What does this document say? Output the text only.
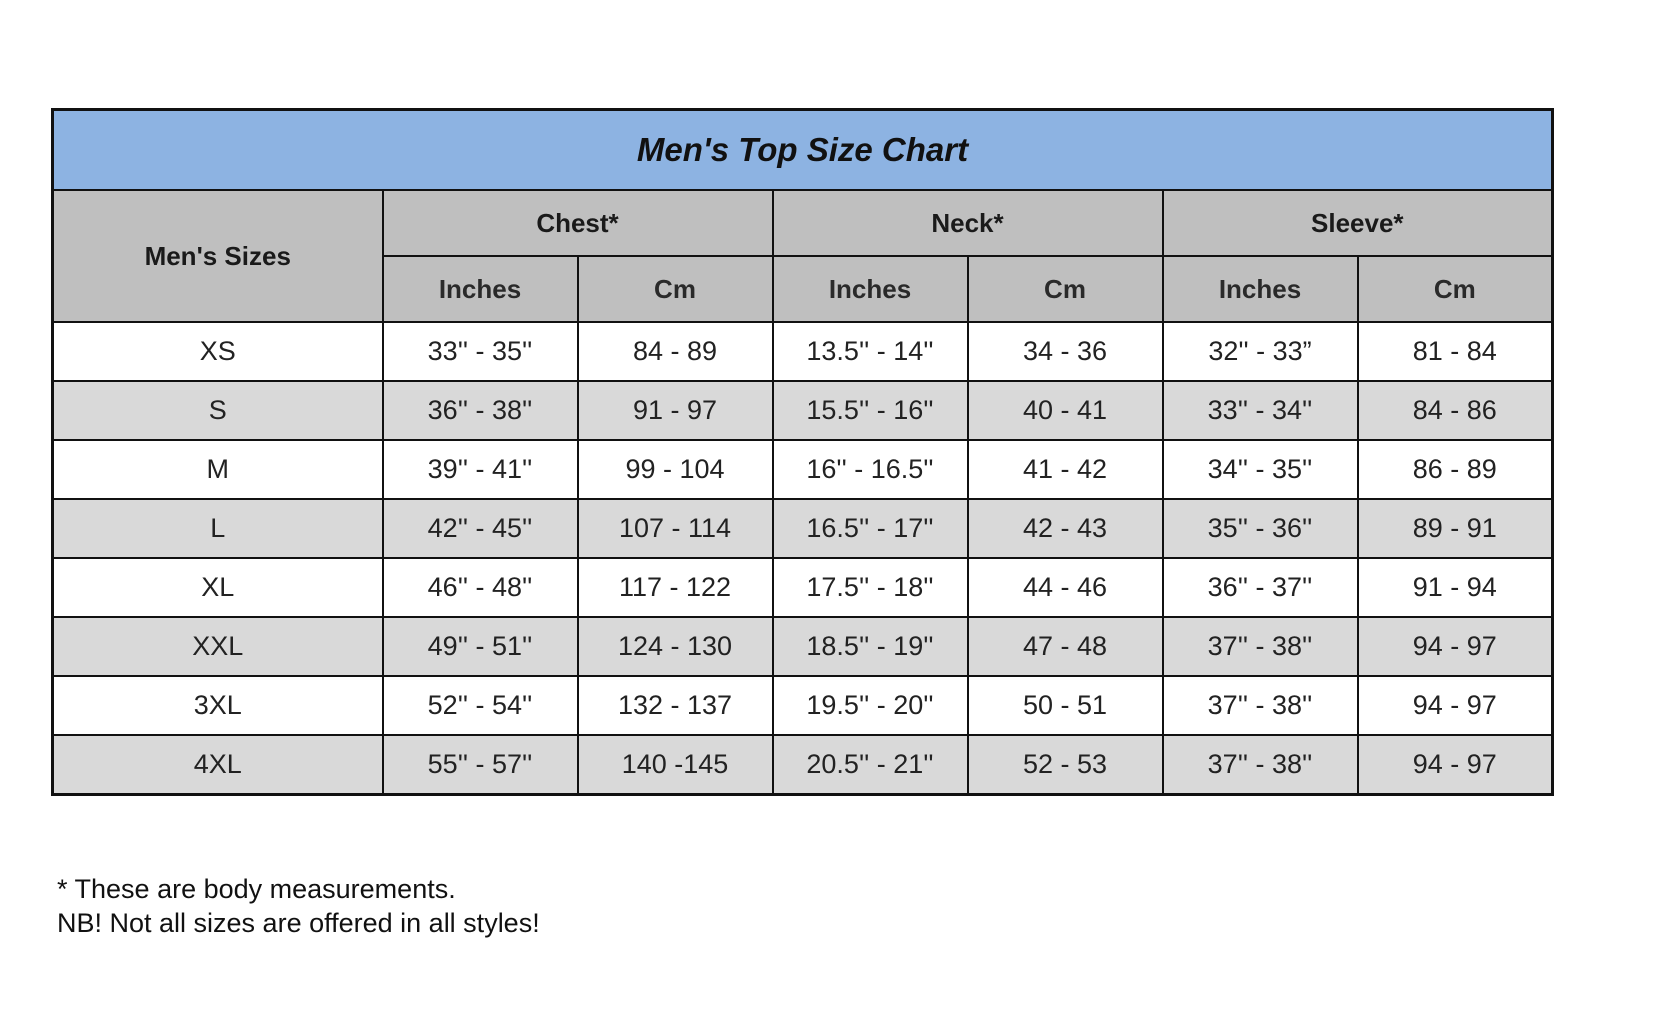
Men's Top Size Chart						
Men's Sizes	Chest*		Neck*		Sleeve*	
	Inches	Cm	Inches	Cm	Inches	Cm
XS	33'' - 35''	84 - 89	13.5'' - 14''	34 - 36	32'' - 33”	81 - 84
S	36'' - 38''	91 - 97	15.5'' - 16''	40 - 41	33'' - 34''	84 - 86
M	39'' - 41''	99 - 104	16'' - 16.5''	41 - 42	34'' - 35''	86 - 89
L	42'' - 45''	107 - 114	16.5'' - 17''	42 - 43	35'' - 36''	89 - 91
XL	46'' - 48''	117 - 122	17.5'' - 18''	44 - 46	36'' - 37''	91 - 94
XXL	49'' - 51''	124 - 130	18.5'' - 19''	47 - 48	37'' - 38''	94 - 97
3XL	52'' - 54''	132 - 137	19.5'' - 20''	50 - 51	37'' - 38''	94 - 97
4XL	55'' - 57''	140 -145	20.5'' - 21''	52 - 53	37'' - 38''	94 - 97
* These are body measurements.
NB! Not all sizes are offered in all styles!
